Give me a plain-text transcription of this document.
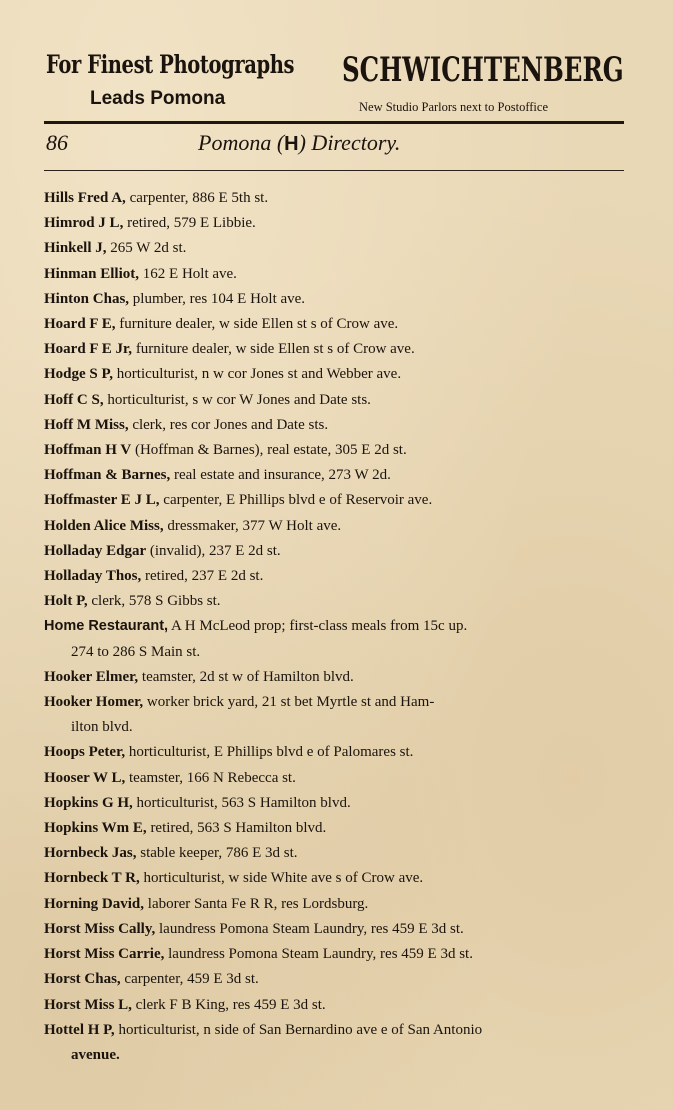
For Finest Photographs
Leads Pomona
SCHWICHTENBERG
New Studio Parlors next to Postoffice
86	Pomona (H) Directory.
Hills Fred A, carpenter, 886 E 5th st.
Himrod J L, retired, 579 E Libbie.
Hinkell J, 265 W 2d st.
Hinman Elliot, 162 E Holt ave.
Hinton Chas, plumber, res 104 E Holt ave.
Hoard F E, furniture dealer, w side Ellen st s of Crow ave.
Hoard F E Jr, furniture dealer, w side Ellen st s of Crow ave.
Hodge S P, horticulturist, n w cor Jones st and Webber ave.
Hoff C S, horticulturist, s w cor W Jones and Date sts.
Hoff M Miss, clerk, res cor Jones and Date sts.
Hoffman H V (Hoffman & Barnes), real estate, 305 E 2d st.
Hoffman & Barnes, real estate and insurance, 273 W 2d.
Hoffmaster E J L, carpenter, E Phillips blvd e of Reservoir ave.
Holden Alice Miss, dressmaker, 377 W Holt ave.
Holladay Edgar (invalid), 237 E 2d st.
Holladay Thos, retired, 237 E 2d st.
Holt P, clerk, 578 S Gibbs st.
Home Restaurant, A H McLeod prop; first-class meals from 15c up.
274 to 286 S Main st.
Hooker Elmer, teamster, 2d st w of Hamilton blvd.
Hooker Homer, worker brick yard, 21 st bet Myrtle st and Ham-
ilton blvd.
Hoops Peter, horticulturist, E Phillips blvd e of Palomares st.
Hooser W L, teamster, 166 N Rebecca st.
Hopkins G H, horticulturist, 563 S Hamilton blvd.
Hopkins Wm E, retired, 563 S Hamilton blvd.
Hornbeck Jas, stable keeper, 786 E 3d st.
Hornbeck T R, horticulturist, w side White ave s of Crow ave.
Horning David, laborer Santa Fe R R, res Lordsburg.
Horst Miss Cally, laundress Pomona Steam Laundry, res 459 E 3d st.
Horst Miss Carrie, laundress Pomona Steam Laundry, res 459 E 3d st.
Horst Chas, carpenter, 459 E 3d st.
Horst Miss L, clerk F B King, res 459 E 3d st.
Hottel H P, horticulturist, n side of San Bernardino ave e of San Antonio
avenue.
